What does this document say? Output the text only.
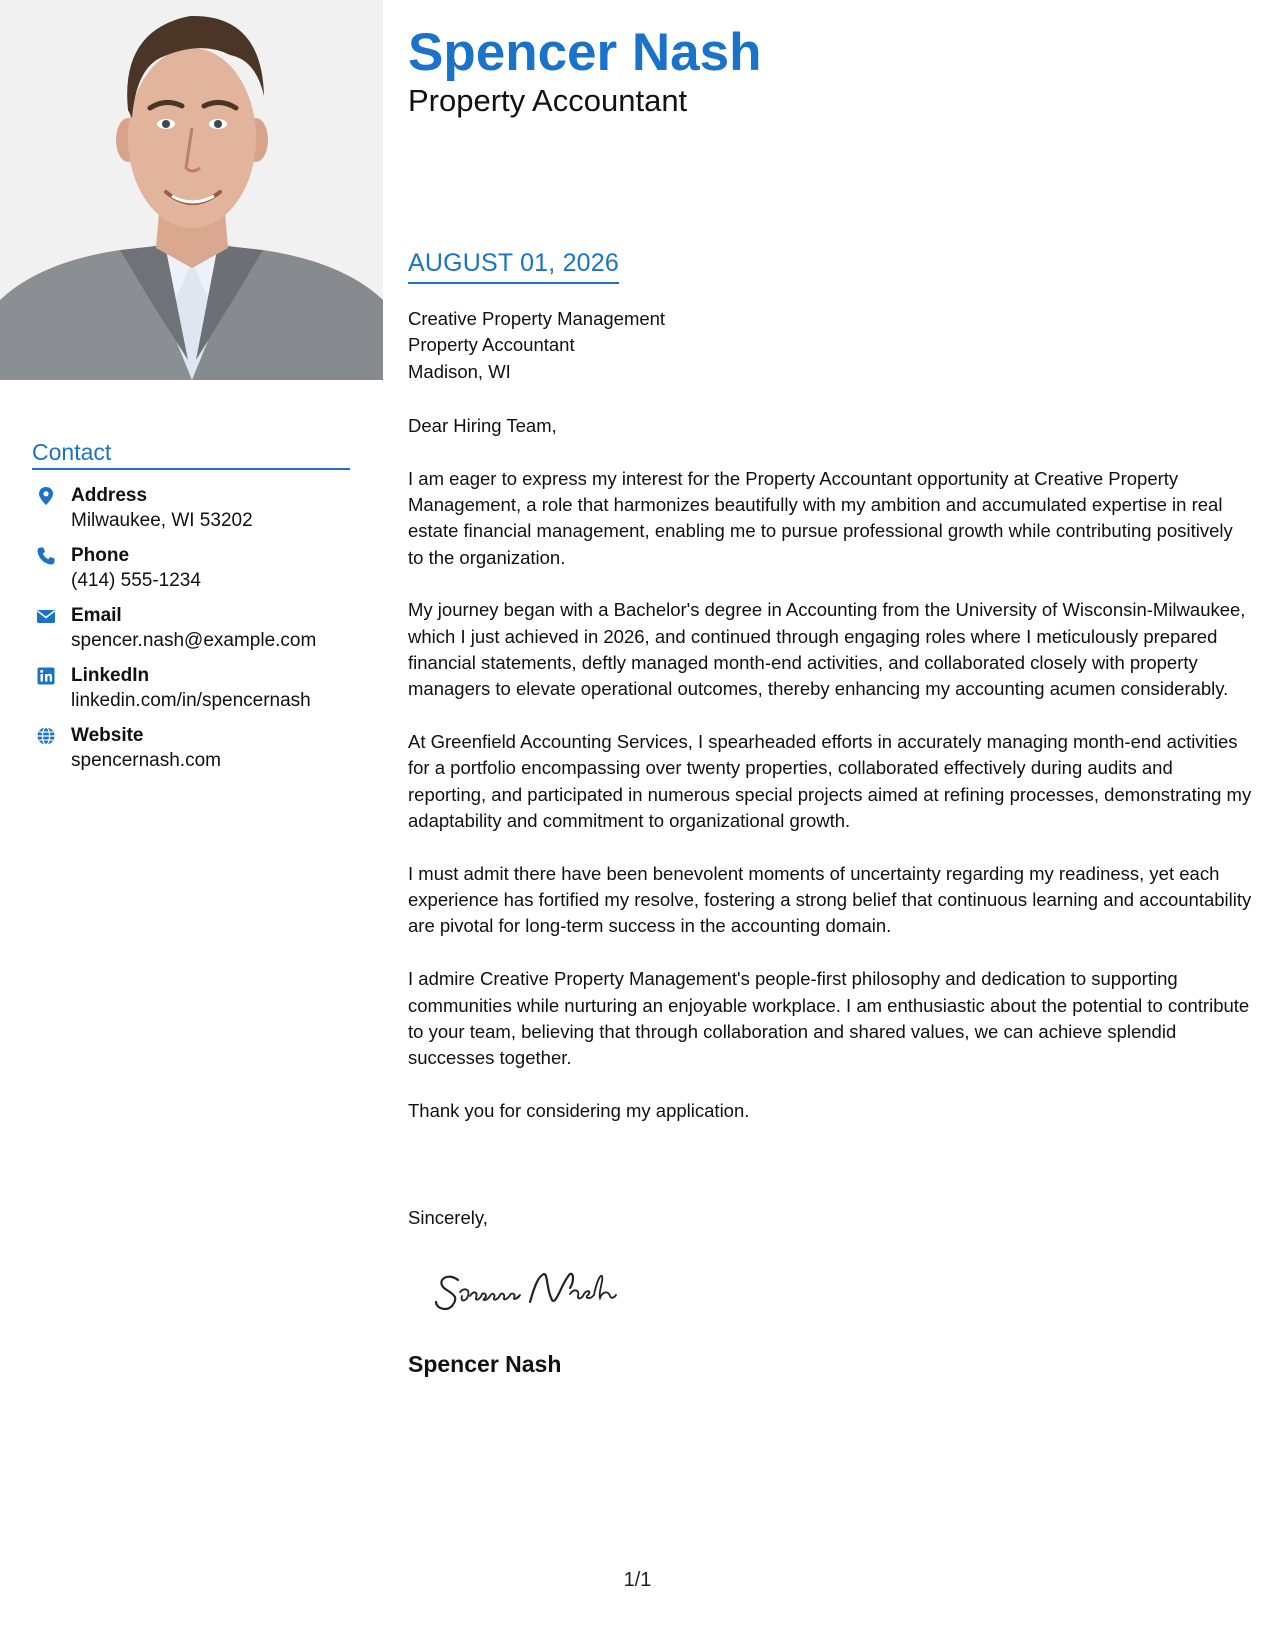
Contact
Address
Milwaukee, WI 53202
Phone
(414) 555-1234
Email
spencer.nash@example.com
LinkedIn
linkedin.com/in/spencernash
Website
spencernash.com
Spencer Nash
Property Accountant
AUGUST 01, 2026
Creative Property Management
Property Accountant
Madison, WI

Dear Hiring Team,

I am eager to express my interest for the Property Accountant opportunity at Creative Property Management, a role that harmonizes beautifully with my ambition and accumulated expertise in real estate financial management, enabling me to pursue professional growth while contributing positively to the organization.

My journey began with a Bachelor's degree in Accounting from the University of Wisconsin-Milwaukee, which I just achieved in 2026, and continued through engaging roles where I meticulously prepared financial statements, deftly managed month-end activities, and collaborated closely with property managers to elevate operational outcomes, thereby enhancing my accounting acumen considerably.

At Greenfield Accounting Services, I spearheaded efforts in accurately managing month-end activities for a portfolio encompassing over twenty properties, collaborated effectively during audits and reporting, and participated in numerous special projects aimed at refining processes, demonstrating my adaptability and commitment to organizational growth.

I must admit there have been benevolent moments of uncertainty regarding my readiness, yet each experience has fortified my resolve, fostering a strong belief that continuous learning and accountability are pivotal for long-term success in the accounting domain.

I admire Creative Property Management's people-first philosophy and dedication to supporting communities while nurturing an enjoyable workplace. I am enthusiastic about the potential to contribute to your team, believing that through collaboration and shared values, we can achieve splendid successes together.

Thank you for considering my application.

Sincerely,
Spencer Nash
1/1
